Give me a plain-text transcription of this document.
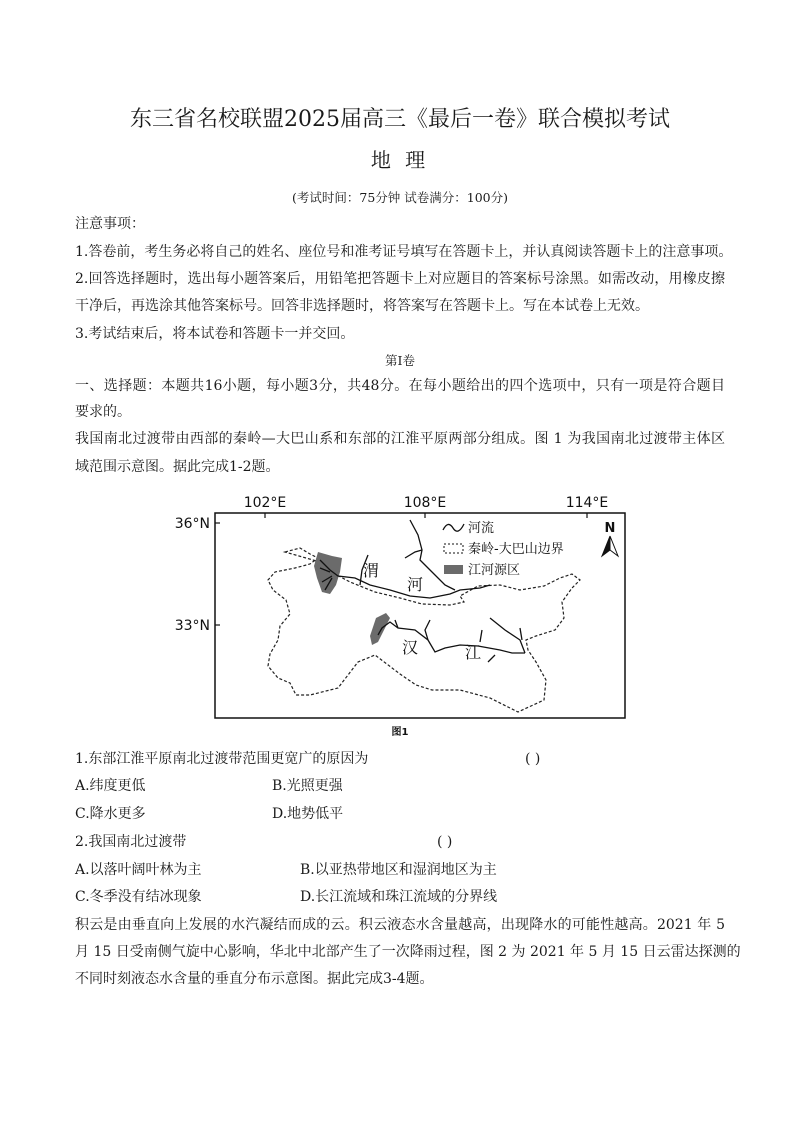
东三省名校联盟2025届高三《最后一卷》联合模拟考试
地 理
(考试时间：75分钟 试卷满分：100分)
注意事项：
1.答卷前，考生务必将自己的姓名、座位号和准考证号填写在答题卡上，并认真阅读答题卡上的注意事项。
2.回答选择题时，选出每小题答案后，用铅笔把答题卡上对应题目的答案标号涂黑。如需改动，用橡皮擦
干净后，再选涂其他答案标号。回答非选择题时，将答案写在答题卡上。写在本试卷上无效。
3.考试结束后，将本试卷和答题卡一并交回。
第I卷
一、选择题：本题共16小题，每小题3分，共48分。在每小题给出的四个选项中，只有一项是符合题目
要求的。
我国南北过渡带由西部的秦岭—大巴山系和东部的江淮平原两部分组成。图 1 为我国南北过渡带主体区
域范围示意图。据此完成1-2题。
102°E	108°E	114°E
36°N
33°N
渭
河
汉	江
河流
秦岭-大巴山边界
江河源区
N
图1
1.东部江淮平原南北过渡带范围更宽广的原因为	( )
A.纬度更低	B.光照更强
C.降水更多	D.地势低平
2.我国南北过渡带	( )
A.以落叶阔叶林为主	B.以亚热带地区和湿润地区为主
C.冬季没有结冰现象	D.长江流域和珠江流域的分界线
积云是由垂直向上发展的水汽凝结而成的云。积云液态水含量越高，出现降水的可能性越高。2021 年 5
月 15 日受南侧气旋中心影响，华北中北部产生了一次降雨过程，图 2 为 2021 年 5 月 15 日云雷达探测的
不同时刻液态水含量的垂直分布示意图。据此完成3-4题。
